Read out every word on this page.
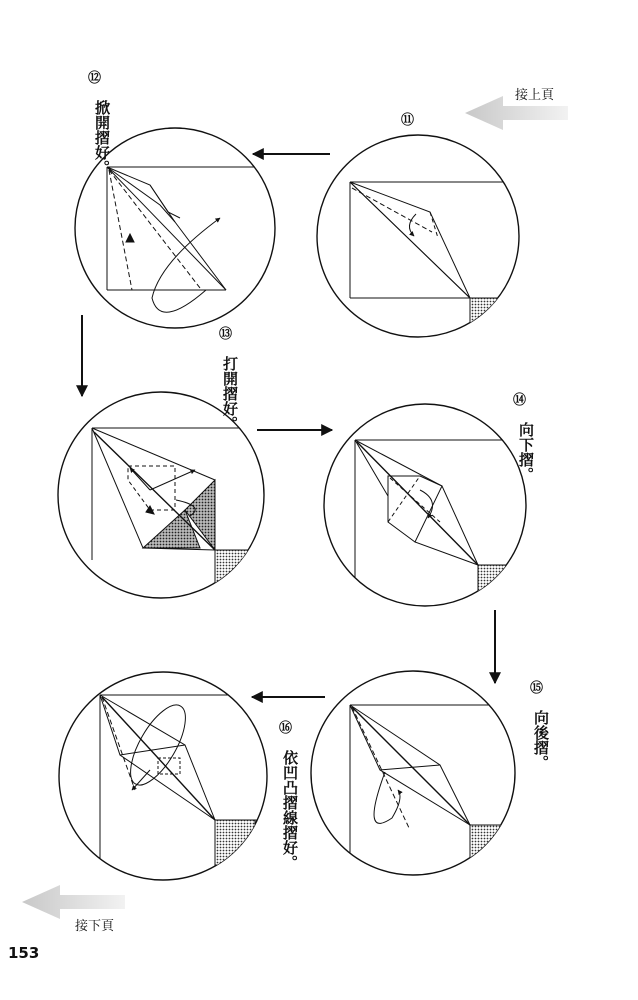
接上頁
⑪
⑫
掀開摺好。
⑬
打開摺好。	⑭
向下摺。
⑮
向後摺。
⑯
依凹凸摺線摺好。
接下頁
153
